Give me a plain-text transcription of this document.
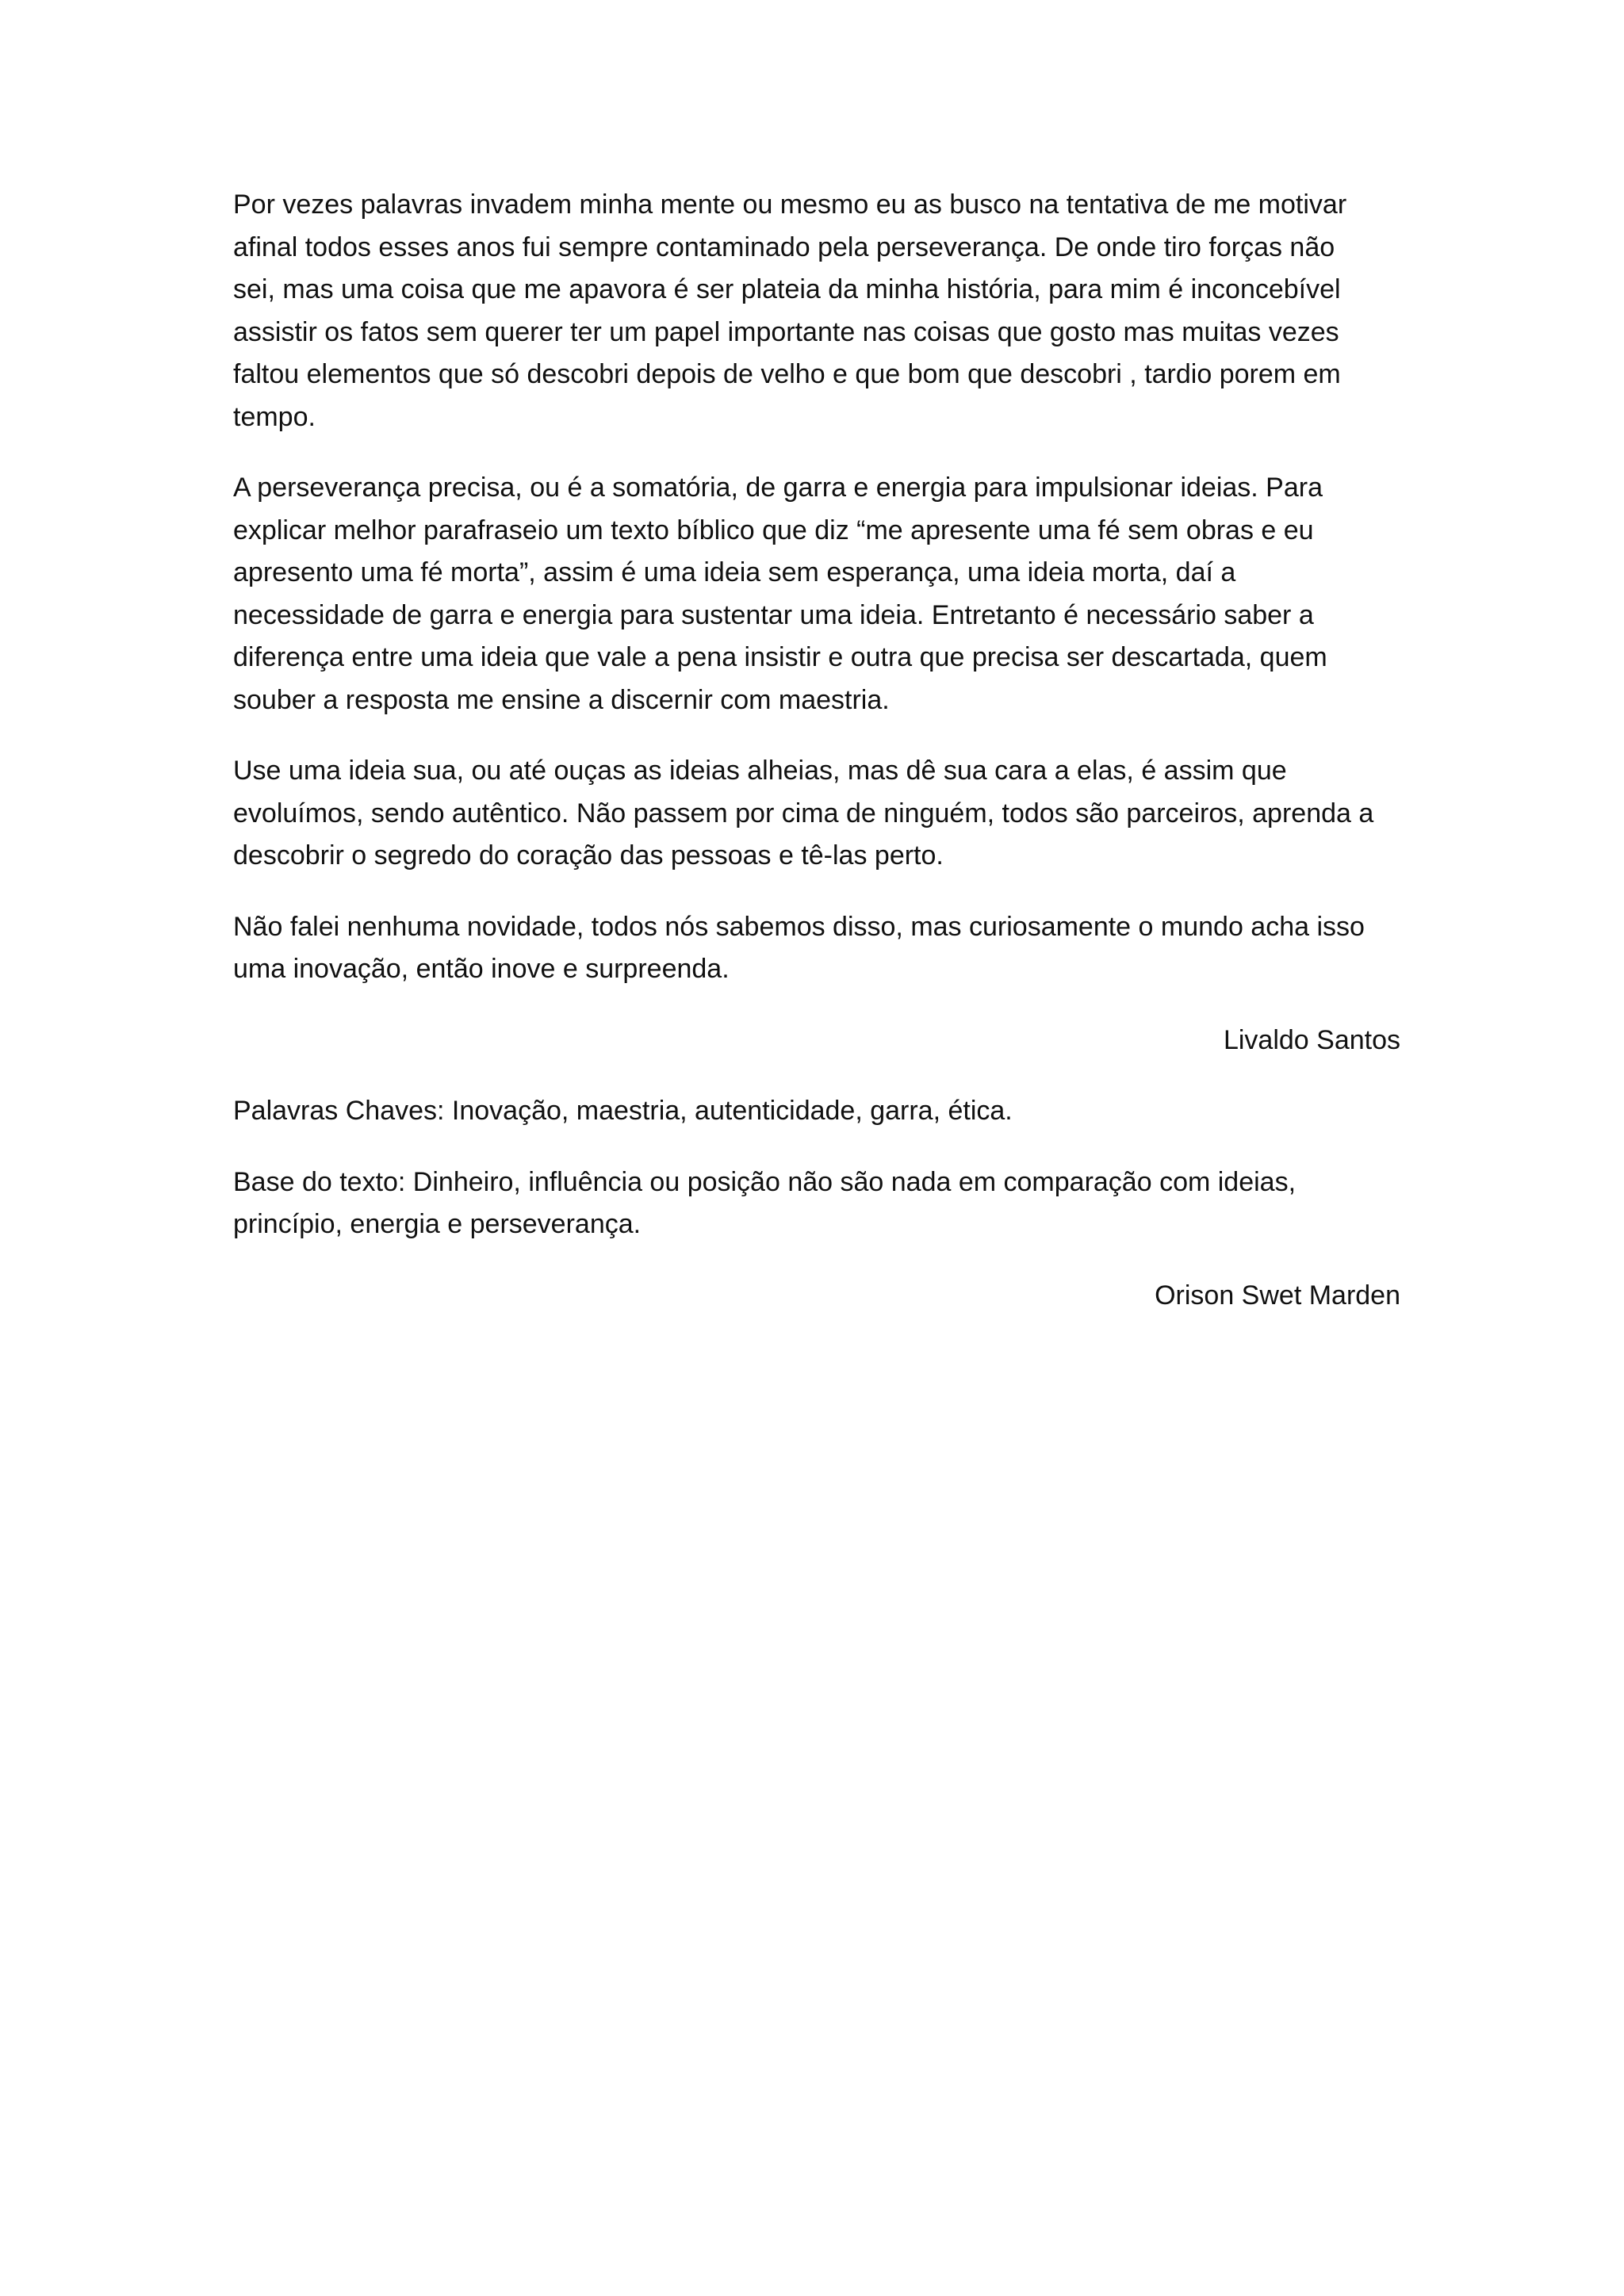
Por vezes palavras invadem minha mente ou mesmo eu as busco na tentativa de me motivar
afinal todos esses anos fui sempre contaminado pela perseverança. De onde tiro forças não
sei, mas uma coisa que me apavora é ser plateia da minha história, para mim é inconcebível
assistir os fatos sem querer ter um papel importante nas coisas que gosto mas muitas vezes
faltou elementos que só descobri depois de velho e que bom que descobri , tardio porem em
tempo.

A perseverança precisa, ou é a somatória, de garra e energia para impulsionar ideias. Para
explicar melhor parafraseio um texto bíblico que diz “me apresente uma fé sem obras e eu
apresento uma fé morta”, assim é uma ideia sem esperança, uma ideia morta, daí a
necessidade de garra e energia para sustentar uma ideia. Entretanto é necessário saber a
diferença entre uma ideia que vale a pena insistir e outra que precisa ser descartada, quem
souber a resposta me ensine a discernir com maestria.

Use uma ideia sua, ou até ouças as ideias alheias, mas dê sua cara a elas, é assim que
evoluímos, sendo autêntico. Não passem por cima de ninguém, todos são parceiros, aprenda a
descobrir o segredo do coração das pessoas e tê-las perto.

Não falei nenhuma novidade, todos nós sabemos disso, mas curiosamente o mundo acha isso
uma inovação, então inove e surpreenda.

Livaldo Santos

Palavras Chaves: Inovação, maestria, autenticidade, garra, ética.

Base do texto: Dinheiro, influência ou posição não são nada em comparação com ideias,
princípio, energia e perseverança.

Orison Swet Marden
